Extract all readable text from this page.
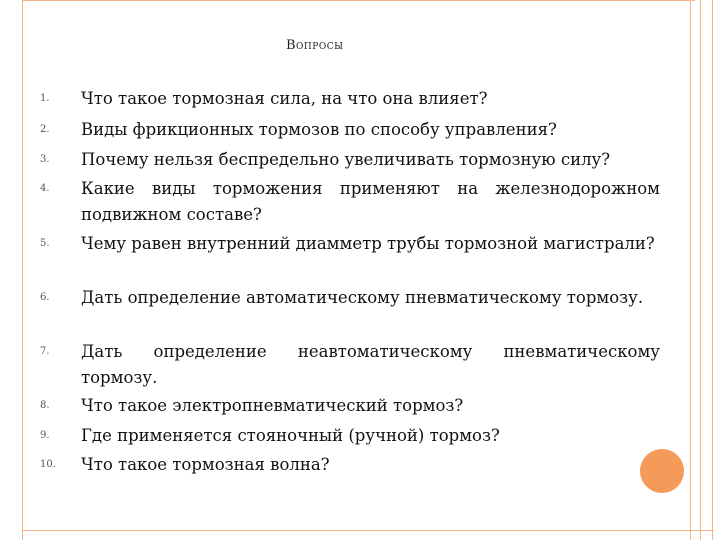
Вопросы
1.	Что такое тормозная сила, на что она влияет?
2.	Виды фрикционных тормозов по способу управления?
3.	Почему нельзя беспредельно увеличивать тормозную силу?
4.	Какие виды торможения применяют на железнодорожном подвижном составе?
5.	Чему равен внутренний диамметр трубы тормозной магистрали?
6.	Дать определение автоматическому пневматическому тормозу.
7.	Дать определение неавтоматическому пневматическому тормозу.
8.	Что такое электропневматический тормоз?
9.	Где применяется стояночный (ручной) тормоз?
10.	Что такое тормозная волна?
